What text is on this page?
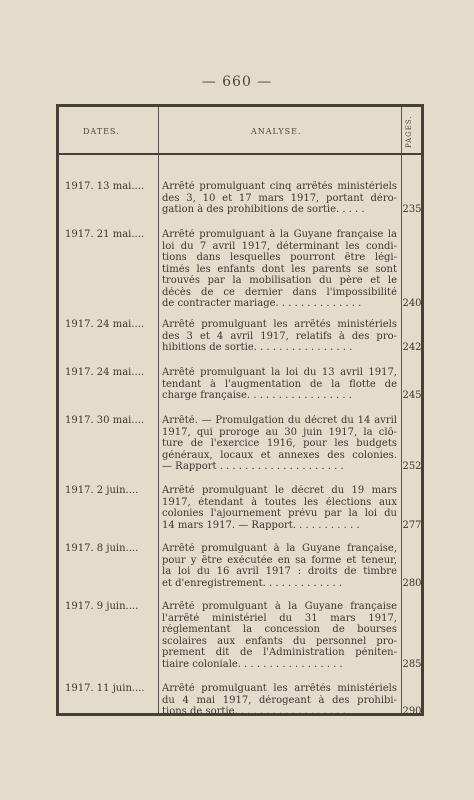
— 660 —
DATES.	ANALYSE.	PAGES.
1917. 13 mai....	Arrêté promulguant cinq arrêtés ministériels
des 3, 10 et 17 mars 1917, portant déro-
gation à des prohibitions de sortie. . . . .	235
1917. 21 mai....	Arrêté promulguant à la Guyane française la
loi du 7 avril 1917, déterminant les condi-
tions dans lesquelles pourront être légi-
timés les enfants dont les parents se sont
trouvés par la mobilisation du père et le
décès de ce dernier dans l'impossibilité
de contracter mariage. . . . . . . . . . . . . .	240
1917. 24 mai....	Arrêté promulguant les arrêtés ministériels
des 3 et 4 avril 1917, relatifs à des pro-
hibitions de sortie. . . . . . . . . . . . . . . .	242
1917. 24 mai....	Arrêté promulguant la loi du 13 avril 1917,
tendant à l'augmentation de la flotte de
charge française. . . . . . . . . . . . . . . . .	245
1917. 30 mai....	Arrêté. — Promulgation du décret du 14 avril
1917, qui proroge au 30 juin 1917, la clô-
ture de l'exercice 1916, pour les budgets
généraux, locaux et annexes des colonies.
— Rapport . . . . . . . . . . . . . . . . . . . .	252
1917. 2 juin....	Arrêté promulguant le décret du 19 mars
1917, étendant à toutes les élections aux
colonies l'ajournement prévu par la loi du
14 mars 1917. — Rapport. . . . . . . . . . .	277
1917. 8 juin....	Arrêté promulguant à la Guyane française,
pour y être exécutée en sa forme et teneur,
la loi du 16 avril 1917 : droits de timbre
et d'enregistrement. . . . . . . . . . . . .	280
1917. 9 juin....	Arrêté promulguant à la Guyane française
l'arrêté ministériel du 31 mars 1917,
réglementant la concession de bourses
scolaires aux enfants du personnel pro-
prement dit de l'Administration péniten-
tiaire coloniale. . . . . . . . . . . . . . . . .	285
1917. 11 juin....	Arrêté promulguant les arrêtés ministériels
du 4 mai 1917, dérogeant à des prohibi-
tions de sortie. . . . . . . . . . . . . . . . . .	290
